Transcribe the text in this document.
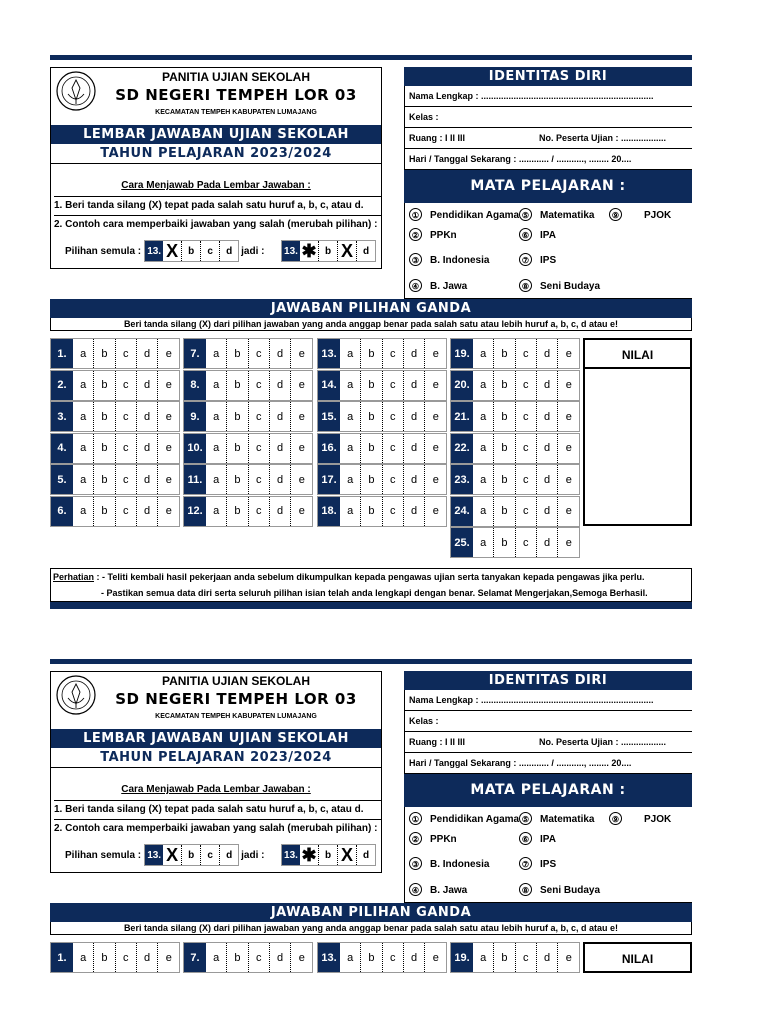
PANITIA UJIAN SEKOLAH
SD NEGERI TEMPEH LOR 03
KECAMATAN TEMPEH KABUPATEN LUMAJANG
LEMBAR JAWABAN UJIAN SEKOLAH
TAHUN PELAJARAN 2023/2024
Cara Menjawab Pada Lembar Jawaban :
1. Beri tanda silang (X) tepat pada salah satu huruf a, b, c, atau d.
2. Contoh cara memperbaiki jawaban yang salah (merubah pilihan) :
Pilihan semula : 13. X b	c	d jadi : 13. ✱ b X d
IDENTITAS DIRI
Nama Lengkap : .....................................................................
Kelas :
Ruang : I II III	No. Peserta Ujian : ..................
Hari / Tanggal Sekarang : ............ / ..........., ........ 20....
MATA PELAJARAN :
① Pendidikan Agama ⑤ Matematika	⑨ PJOK
② PPKn	⑥ IPA
③ B. Indonesia	⑦ IPS
④ B. Jawa	⑧ Seni Budaya
JAWABAN PILIHAN GANDA
Beri tanda silang (X) dari pilihan jawaban yang anda anggap benar pada salah satu atau lebih huruf a, b, c, d atau e!
1.	a	b	c	d	e	7.	a	b	c	d	e	13. a	b	c	d	e	19. a	b	c	d	e
2.	a	b	c	d	e	8.	a	b	c	d	e	14. a	b	c	d	e	20. a	b	c	d	e
3.	a	b	c	d	e	9.	a	b	c	d	e	15. a	b	c	d	e	21. a	b	c	d	e
4.	a	b	c	d	e	10. a	b	c	d	e	16. a	b	c	d	e	22. a	b	c	d	e
5.	a	b	c	d	e	11. a	b	c	d	e	17. a	b	c	d	e	23. a	b	c	d	e
6.	a	b	c	d	e	12. a	b	c	d	e	18. a	b	c	d	e	24. a	b	c	d	e
25. a	b	c	d	e
NILAI
Perhatian : - Teliti kembali hasil pekerjaan anda sebelum dikumpulkan kepada pengawas ujian serta tanyakan kepada pengawas jika perlu.
- Pastikan semua data diri serta seluruh pilihan isian telah anda lengkapi dengan benar. Selamat Mengerjakan,Semoga Berhasil.
PANITIA UJIAN SEKOLAH
SD NEGERI TEMPEH LOR 03
KECAMATAN TEMPEH KABUPATEN LUMAJANG
LEMBAR JAWABAN UJIAN SEKOLAH
TAHUN PELAJARAN 2023/2024
Cara Menjawab Pada Lembar Jawaban :
1. Beri tanda silang (X) tepat pada salah satu huruf a, b, c, atau d.
2. Contoh cara memperbaiki jawaban yang salah (merubah pilihan) :
Pilihan semula : 13. X b	c	d jadi : 13. ✱ b X d
IDENTITAS DIRI
Nama Lengkap : .....................................................................
Kelas :
Ruang : I II III	No. Peserta Ujian : ..................
Hari / Tanggal Sekarang : ............ / ..........., ........ 20....
MATA PELAJARAN :
① Pendidikan Agama ⑤ Matematika	⑨ PJOK
② PPKn	⑥ IPA
③ B. Indonesia	⑦ IPS
④ B. Jawa	⑧ Seni Budaya
JAWABAN PILIHAN GANDA
Beri tanda silang (X) dari pilihan jawaban yang anda anggap benar pada salah satu atau lebih huruf a, b, c, d atau e!
1.	a	b	c	d	e	7.	a	b	c	d	e	13. a	b	c	d	e	19. a	b	c	d	e	NILAI
